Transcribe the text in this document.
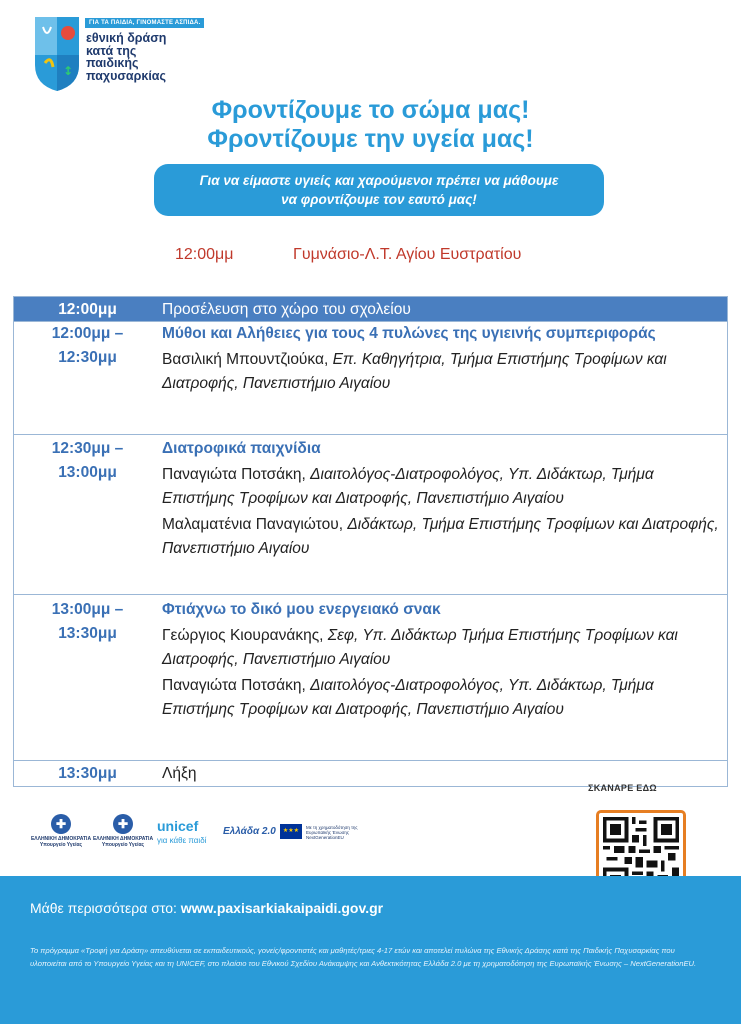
↕
ΓΙΑ ΤΑ ΠΑΙΔΙΑ, ΓΙΝΟΜΑΣΤΕ ΑΣΠΙΔΑ.
εθνική δράση
κατά της
παιδικής
παχυσαρκίας
Φροντίζουμε το σώμα μας!
Φροντίζουμε την υγεία μας!
Για να είμαστε υγιείς και χαρούμενοι πρέπει να μάθουμε
να φροντίζουμε τον εαυτό μας!
12:00μμ	Γυμνάσιο-Λ.Τ. Αγίου Ευστρατίου
12:00μμ	Προσέλευση στο χώρο του σχολείου
12:00μμ –
12:30μμ
Μύθοι και Αλήθειες για τους 4 πυλώνες της υγιεινής συμπεριφοράς
Βασιλική Μπουντζιούκα, Επ. Καθηγήτρια, Τμήμα Επιστήμης Τροφίμων και Διατροφής, Πανεπιστήμιο Αιγαίου
12:30μμ –
13:00μμ
Διατροφικά παιχνίδια
Παναγιώτα Ποτσάκη, Διαιτολόγος-Διατροφολόγος, Υπ. Διδάκτωρ, Τμήμα Επιστήμης Τροφίμων και Διατροφής, Πανεπιστήμιο Αιγαίου
Μαλαματένια Παναγιώτου, Διδάκτωρ, Τμήμα Επιστήμης Τροφίμων και Διατροφής, Πανεπιστήμιο Αιγαίου
13:00μμ –
13:30μμ
Φτιάχνω το δικό μου ενεργειακό σνακ
Γεώργιος Κιουρανάκης, Σεφ, Υπ. Διδάκτωρ Τμήμα Επιστήμης Τροφίμων και Διατροφής, Πανεπιστήμιο Αιγαίου
Παναγιώτα Ποτσάκη, Διαιτολόγος-Διατροφολόγος, Υπ. Διδάκτωρ, Τμήμα Επιστήμης Τροφίμων και Διατροφής, Πανεπιστήμιο Αιγαίου
13:30μμ	Λήξη
ΣΚΑΝΑΡΕ ΕΔΩ
✚
ΕΛΛΗΝΙΚΗ ΔΗΜΟΚΡΑΤΙΑ
Υπουργείο Υγείας
✚
ΕΛΛΗΝΙΚΗ ΔΗΜΟΚΡΑΤΙΑ
Υπουργείο Υγείας
unicef
για κάθε παιδί
Ελλάδα 2.0	★★★
Με τη χρηματοδότηση της Ευρωπαϊκής Ένωσης NextGenerationEU
Μάθε περισσότερα στο: www.paxisarkiakaipaidi.gov.gr
Το πρόγραμμα «Τροφή για Δράση» απευθύνεται σε εκπαιδευτικούς, γονείς/φροντιστές και μαθητές/τριες 4-17 ετών και αποτελεί πυλώνα της Εθνικής Δράσης κατά της Παιδικής Παχυσαρκίας που υλοποιείται από το Υπουργείο Υγείας και τη UNICEF, στο πλαίσιο του Εθνικού Σχεδίου Ανάκαμψης και Ανθεκτικότητας Ελλάδα 2.0 με τη χρηματοδότηση της Ευρωπαϊκής Ένωσης – NextGenerationEU.
